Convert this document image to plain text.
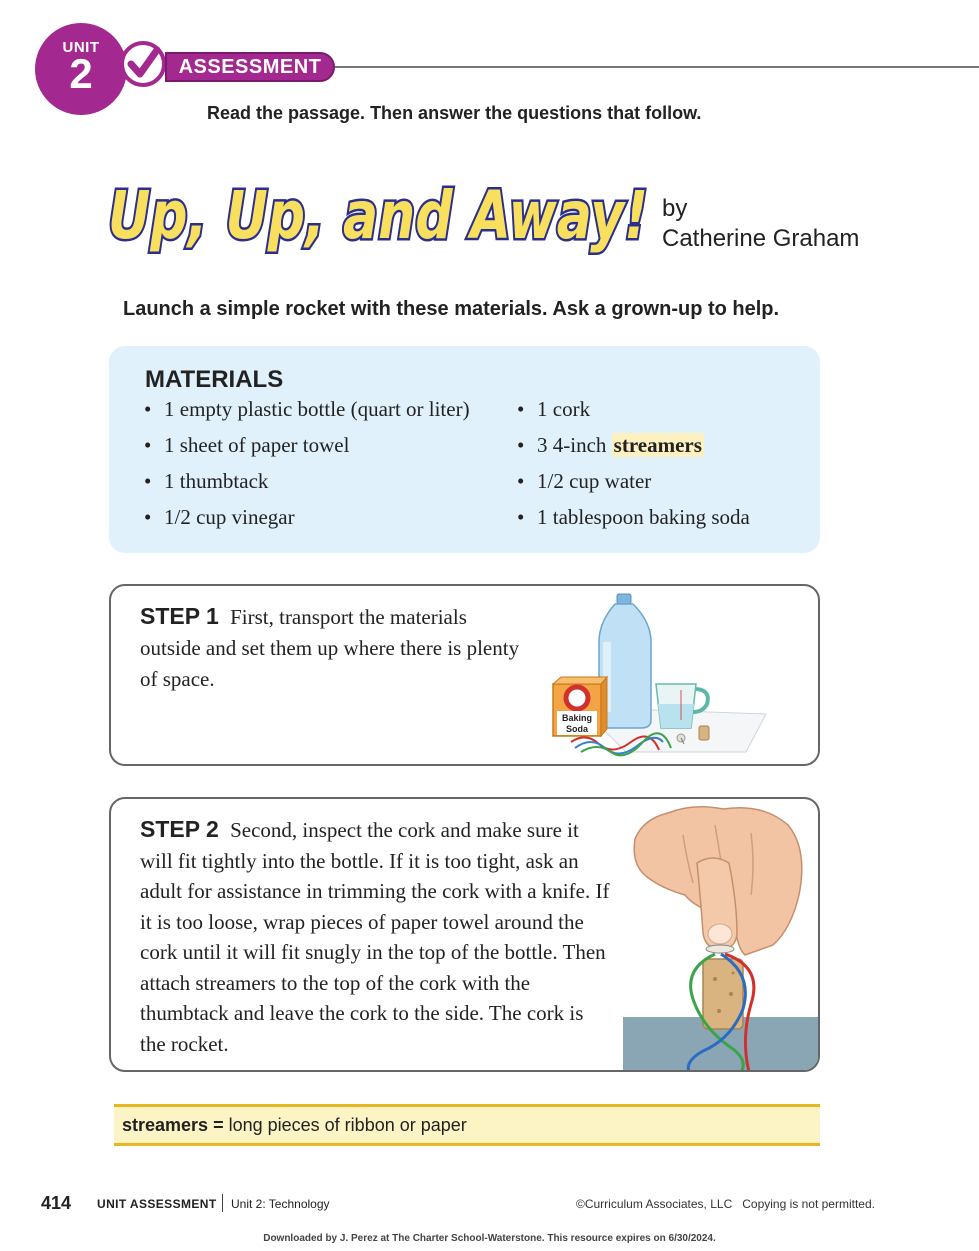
UNIT
2	ASSESSMENT
Read the passage. Then answer the questions that follow.
Up, Up, and Away! by
Catherine Graham
Launch a simple rocket with these materials. Ask a grown-up to help.
MATERIALS
• 1 empty plastic bottle (quart or liter)
• 1 sheet of paper towel
• 1 thumbtack
• 1/2 cup vinegar
• 1 cork
• 3 4-inch streamers
• 1/2 cup water
• 1 tablespoon baking soda
STEP 1 First, transport the materials outside and set them up where there is plenty of space.
Baking
Soda
STEP 2 Second, inspect the cork and make sure it will fit tightly into the bottle. If it is too tight, ask an adult for assistance in trimming the cork with a knife. If it is too loose, wrap pieces of paper towel around the cork until it will fit snugly in the top of the bottle. Then attach streamers to the top of the cork with the thumbtack and leave the cork to the side. The cork is the rocket.
streamers = long pieces of ribbon or paper
414 UNIT ASSESSMENT Unit 2: Technology	©Curriculum Associates, LLC   Copying is not permitted.
Downloaded by J. Perez at The Charter School-Waterstone. This resource expires on 6/30/2024.
